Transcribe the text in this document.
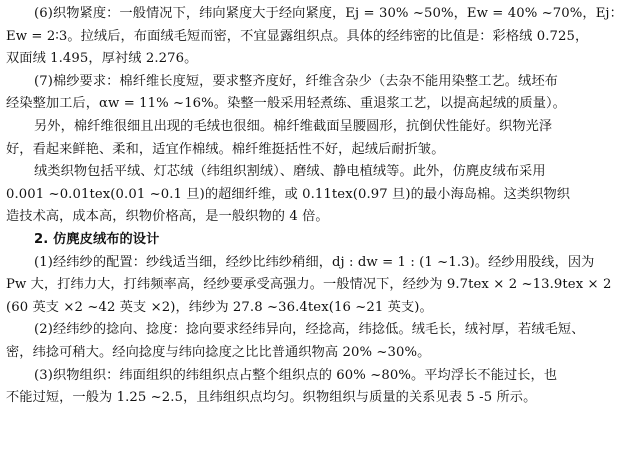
(6)织物紧度：一般情况下，纬向紧度大于经向紧度，Ej = 30% ~50%，Ew = 40% ~70%，Ej：
Ew = 2∶3。拉绒后，布面绒毛短而密，不宜显露组织点。具体的经纬密的比值是：彩格绒 0.725，
双面绒 1.495，厚衬绒 2.276。
(7)棉纱要求：棉纤维长度短，要求整齐度好，纤维含杂少（去杂不能用染整工艺。绒坯布
经染整加工后，αw = 11% ~16%。染整一般采用轻煮练、重退浆工艺，以提高起绒的质量）。
另外，棉纤维很细且出现的毛绒也很细。棉纤维截面呈腰圆形，抗倒伏性能好。织物光泽
好，看起来鲜艳、柔和，适宜作棉绒。棉纤维挺括性不好，起绒后耐折皱。
绒类织物包括平绒、灯芯绒（纬组织割绒）、磨绒、静电植绒等。此外，仿麂皮绒布采用
0.001 ~0.01tex(0.01 ~0.1 旦)的超细纤维，或 0.11tex(0.97 旦)的最小海岛棉。这类织物织
造技术高，成本高，织物价格高，是一般织物的 4 倍。
2. 仿麂皮绒布的设计
(1)经纬纱的配置：纱线适当细，经纱比纬纱稍细，dj : dw = 1 : (1 ~1.3)。经纱用股线，因为
Pw 大，打纬力大，打纬频率高，经纱要承受高强力。一般情况下，经纱为 9.7tex × 2 ~13.9tex × 2
(60 英支 ×2 ~42 英支 ×2)，纬纱为 27.8 ~36.4tex(16 ~21 英支)。
(2)经纬纱的捻向、捻度：捻向要求经纬异向，经捻高，纬捻低。绒毛长，绒衬厚，若绒毛短、
密，纬捻可稍大。经向捻度与纬向捻度之比比普通织物高 20% ~30%。
(3)织物组织：纬面组织的纬组织点占整个组织点的 60% ~80%。平均浮长不能过长，也
不能过短，一般为 1.25 ~2.5，且纬组织点均匀。织物组织与质量的关系见表 5 -5 所示。
